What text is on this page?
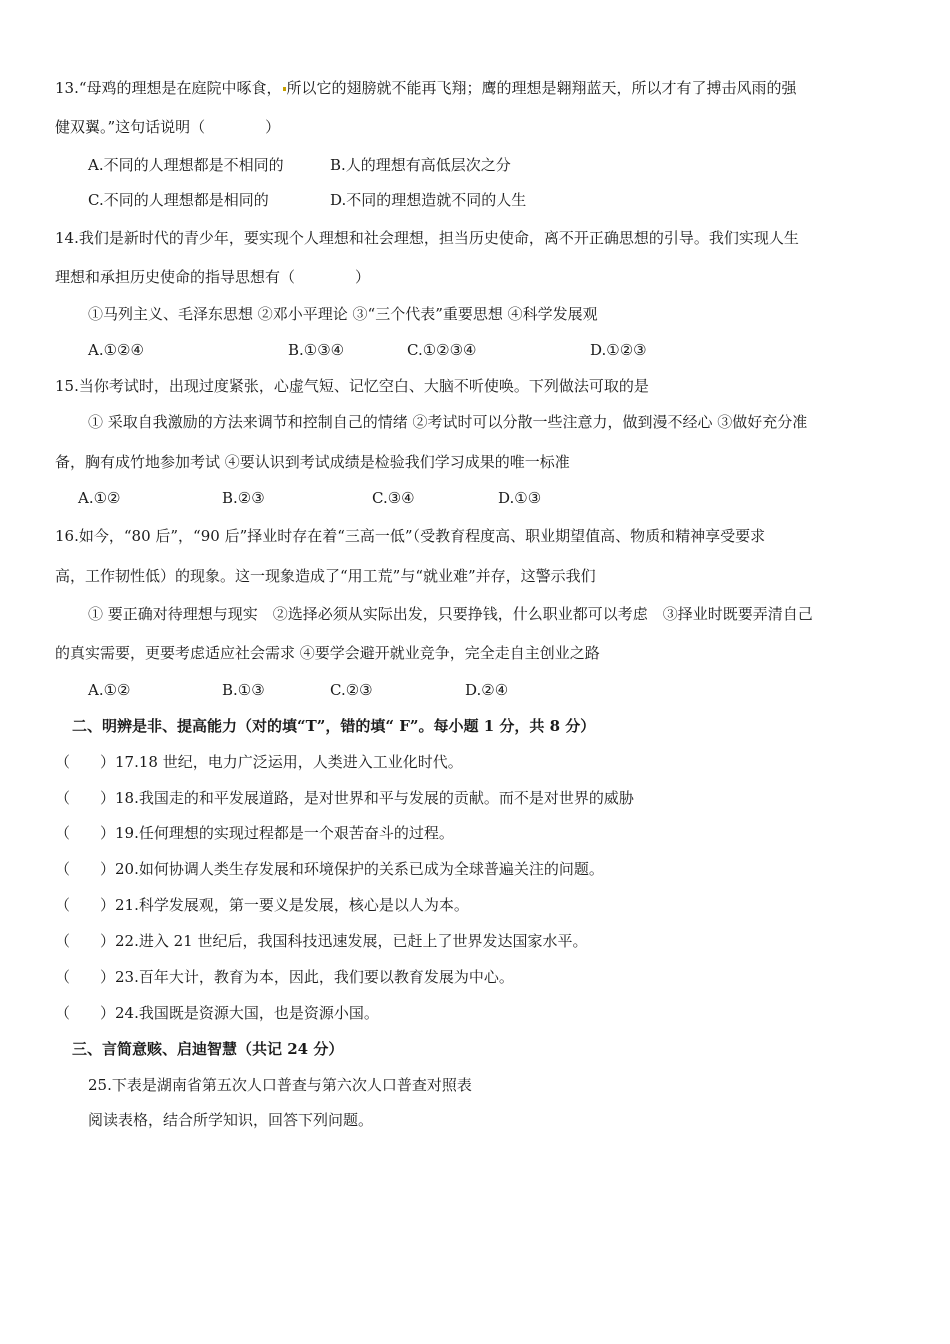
13.“母鸡的理想是在庭院中啄食， 所以它的翅膀就不能再飞翔；鹰的理想是翱翔蓝天，所以才有了搏击风雨的强
健双翼。”这句话说明（　　　　）
A.不同的人理想都是不相同的	B.人的理想有高低层次之分
C.不同的人理想都是相同的	D.不同的理想造就不同的人生
14.我们是新时代的青少年，要实现个人理想和社会理想，担当历史使命，离不开正确思想的引导。我们实现人生
理想和承担历史使命的指导思想有（　　　　）
①马列主义、毛泽东思想 ②邓小平理论 ③“三个代表”重要思想 ④科学发展观
A.①②④	B.①③④	C.①②③④	D.①②③
15.当你考试时，出现过度紧张，心虚气短、记忆空白、大脑不听使唤。下列做法可取的是
① 采取自我激励的方法来调节和控制自己的情绪 ②考试时可以分散一些注意力，做到漫不经心 ③做好充分准
备，胸有成竹地参加考试 ④要认识到考试成绩是检验我们学习成果的唯一标准
A.①②	B.②③	C.③④	D.①③
16.如今，“80 后”，“90 后”择业时存在着“三高一低”（受教育程度高、职业期望值高、物质和精神享受要求
高，工作韧性低）的现象。这一现象造成了“用工荒”与“就业难”并存，这警示我们
① 要正确对待理想与现实　②选择必须从实际出发，只要挣钱，什么职业都可以考虑　③择业时既要弄清自己
的真实需要，更要考虑适应社会需求 ④要学会避开就业竞争，完全走自主创业之路
A.①②	B.①③	C.②③	D.②④
二、明辨是非、提高能力（对的填“T”，错的填“ F”。每小题 1 分，共 8 分）
（　　）17.18 世纪，电力广泛运用，人类进入工业化时代。
（　　）18.我国走的和平发展道路，是对世界和平与发展的贡献。而不是对世界的威胁
（　　）19.任何理想的实现过程都是一个艰苦奋斗的过程。
（　　）20.如何协调人类生存发展和环境保护的关系已成为全球普遍关注的问题。
（　　）21.科学发展观，第一要义是发展，核心是以人为本。
（　　）22.进入 21 世纪后，我国科技迅速发展，已赶上了世界发达国家水平。
（　　）23.百年大计，教育为本，因此，我们要以教育发展为中心。
（　　）24.我国既是资源大国，也是资源小国。
三、言简意赅、启迪智慧（共记 24 分）
25.下表是湖南省第五次人口普查与第六次人口普查对照表
阅读表格，结合所学知识，回答下列问题。
